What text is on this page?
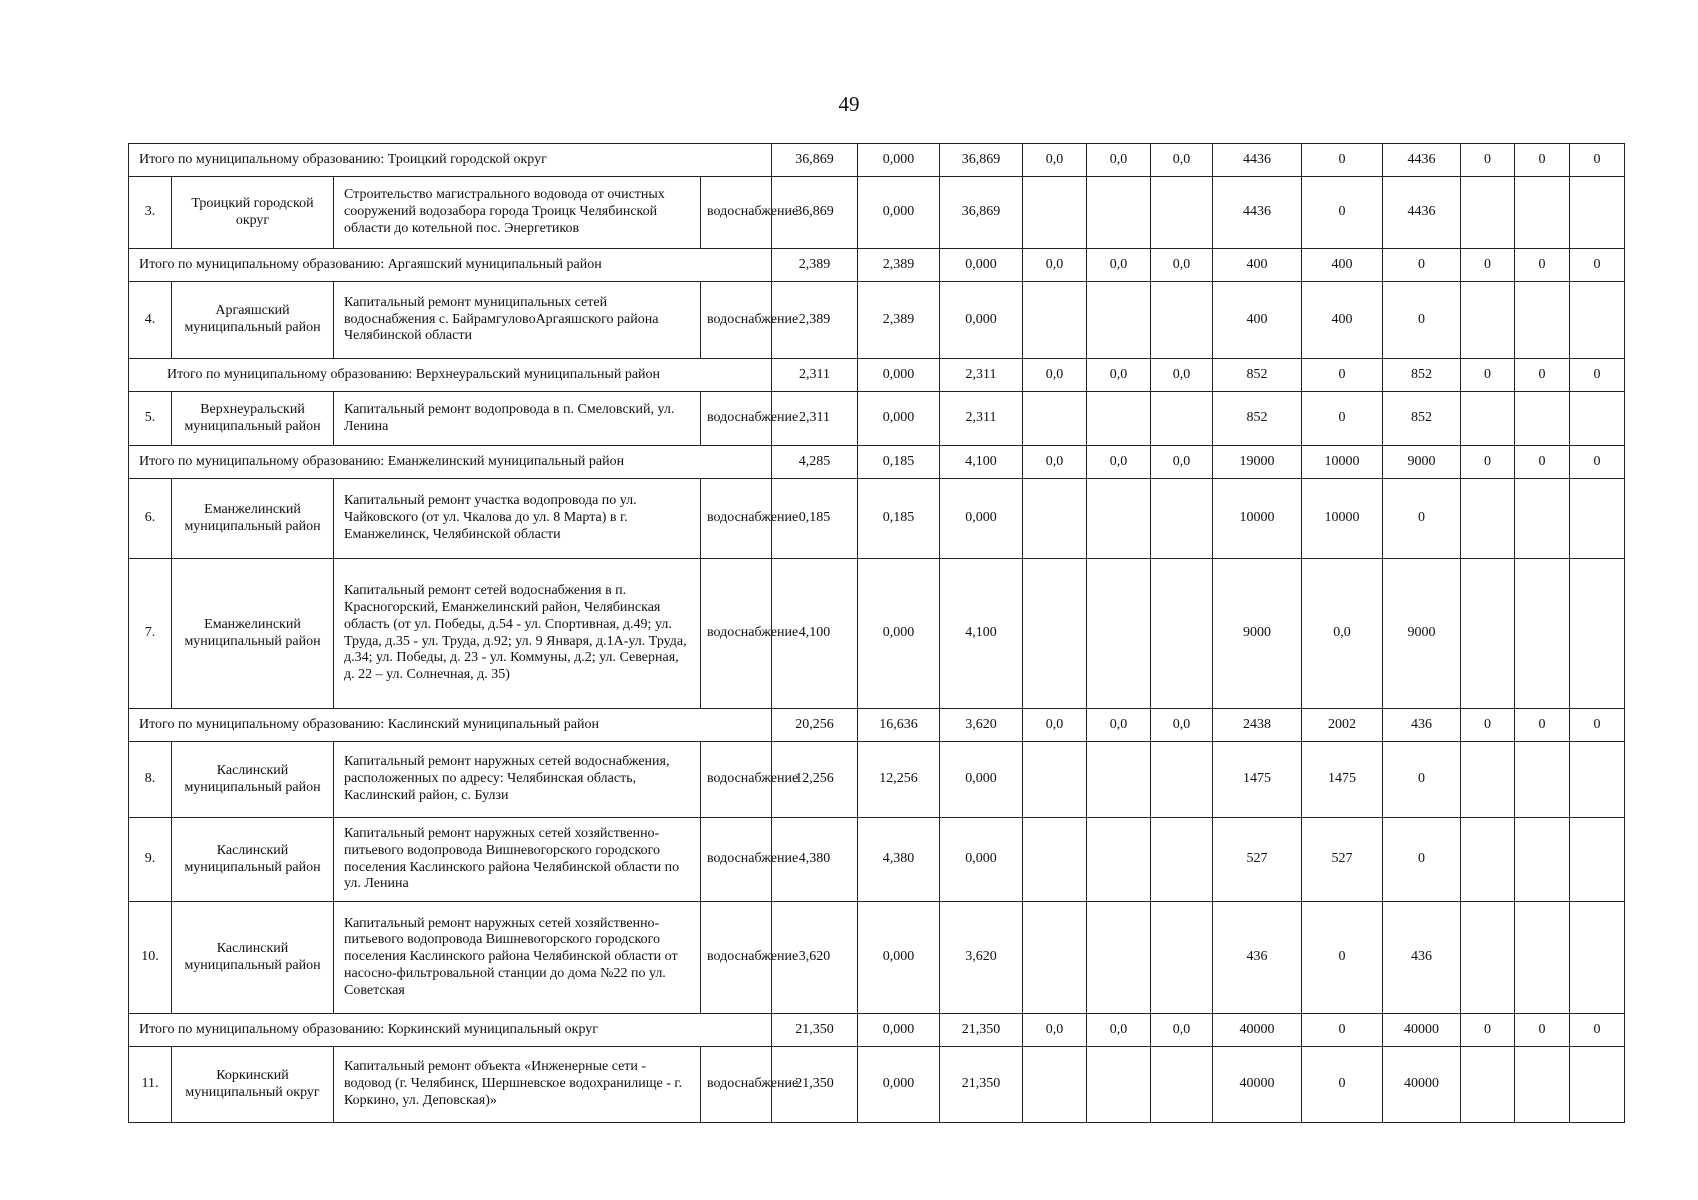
49
Итого по муниципальному образованию: Троицкий городской округ				36,869	0,000	36,869	0,0	0,0	0,0	4436	0	4436	0	0	0
3.	Троицкий городской округ	Строительство магистрального водовода от очистных сооружений водозабора города Троицк Челябинской области до котельной пос. Энергетиков	водоснабжение	36,869	0,000	36,869				4436	0	4436			
Итого по муниципальному образованию: Аргаяшский муниципальный район				2,389	2,389	0,000	0,0	0,0	0,0	400	400	0	0	0	0
4.	Аргаяшский муниципальный район	Капитальный ремонт муниципальных сетей водоснабжения с. БайрамгуловоАргаяшского района Челябинской области	водоснабжение	2,389	2,389	0,000				400	400	0			
Итого по муниципальному образованию: Верхнеуральский муниципальный район				2,311	0,000	2,311	0,0	0,0	0,0	852	0	852	0	0	0
5.	Верхнеуральский муниципальный район	Капитальный ремонт водопровода в п. Смеловский, ул. Ленина	водоснабжение	2,311	0,000	2,311				852	0	852			
Итого по муниципальному образованию: Еманжелинский муниципальный район				4,285	0,185	4,100	0,0	0,0	0,0	19000	10000	9000	0	0	0
6.	Еманжелинский муниципальный район	Капитальный ремонт участка водопровода по ул. Чайковского (от ул. Чкалова до ул. 8 Марта) в г. Еманжелинск, Челябинской области	водоснабжение	0,185	0,185	0,000				10000	10000	0			
7.	Еманжелинский муниципальный район	Капитальный ремонт сетей водоснабжения в п. Красногорский, Еманжелинский район, Челябинская область (от ул. Победы, д.54 - ул. Спортивная, д.49; ул. Труда, д.35 - ул. Труда, д.92; ул. 9 Января, д.1А-ул. Труда, д.34; ул. Победы, д. 23 - ул. Коммуны, д.2; ул. Северная, д. 22 – ул. Солнечная, д. 35)	водоснабжение	4,100	0,000	4,100				9000	0,0	9000			
Итого по муниципальному образованию: Каслинский муниципальный район				20,256	16,636	3,620	0,0	0,0	0,0	2438	2002	436	0	0	0
8.	Каслинский муниципальный район	Капитальный ремонт наружных сетей водоснабжения, расположенных по адресу: Челябинская область, Каслинский район, с. Булзи	водоснабжение	12,256	12,256	0,000				1475	1475	0			
9.	Каслинский муниципальный район	Капитальный ремонт наружных сетей хозяйственно-питьевого водопровода Вишневогорского городского поселения Каслинского района Челябинской области по ул. Ленина	водоснабжение	4,380	4,380	0,000				527	527	0			
10.	Каслинский муниципальный район	Капитальный ремонт наружных сетей хозяйственно-питьевого водопровода Вишневогорского городского поселения Каслинского района Челябинской области от насосно-фильтровальной станции до дома №22 по ул. Советская	водоснабжение	3,620	0,000	3,620				436	0	436			
Итого по муниципальному образованию: Коркинский муниципальный округ				21,350	0,000	21,350	0,0	0,0	0,0	40000	0	40000	0	0	0
11.	Коркинский муниципальный округ	Капитальный ремонт объекта «Инженерные сети - водовод (г. Челябинск, Шершневское водохранилище - г. Коркино, ул. Деповская)»	водоснабжение	21,350	0,000	21,350				40000	0	40000			
